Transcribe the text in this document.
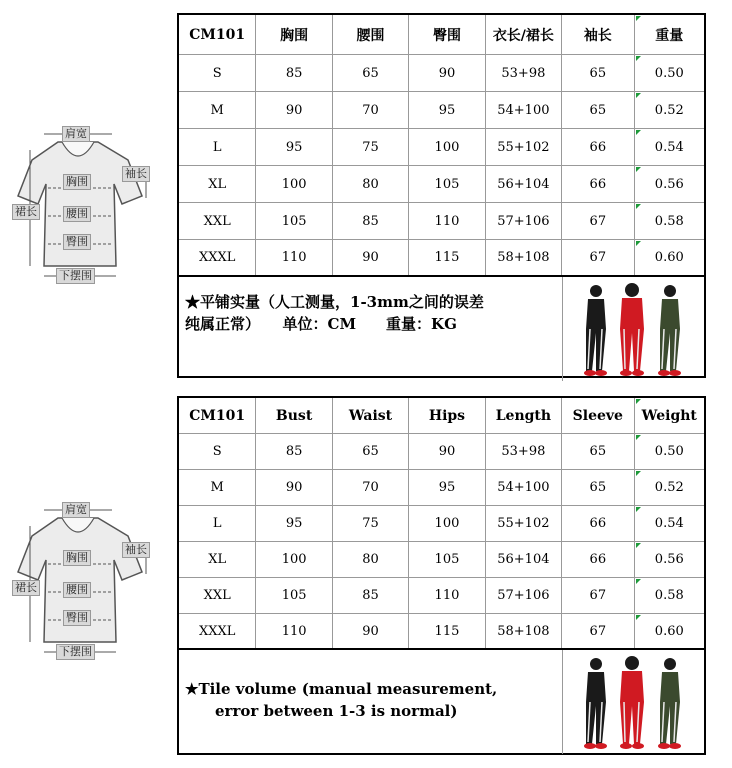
肩宽
袖长
胸围
裙长	腰围
臀围
下摆围
肩宽
袖长
胸围
裙长	腰围
臀围
下摆围
CM101	胸围	腰围	臀围	衣长/裙长	袖长	重量
S	85	65	90	53+98	65	0.50
M	90	70	95	54+100	65	0.52
L	95	75	100	55+102	66	0.54
XL	100	80	105	56+104	66	0.56
XXL	105	85	110	57+106	67	0.58
XXXL	110	90	115	58+108	67	0.60
★平铺实量（人工测量，1-3mm之间的误差
纯属正常）　　单位：CM　　重量：KG
CM101	Bust	Waist	Hips	Length	Sleeve	Weight
S	85	65	90	53+98	65	0.50
M	90	70	95	54+100	65	0.52
L	95	75	100	55+102	66	0.54
XL	100	80	105	56+104	66	0.56
XXL	105	85	110	57+106	67	0.58
XXXL	110	90	115	58+108	67	0.60
★Tile volume (manual measurement,
error between 1-3 is normal)
